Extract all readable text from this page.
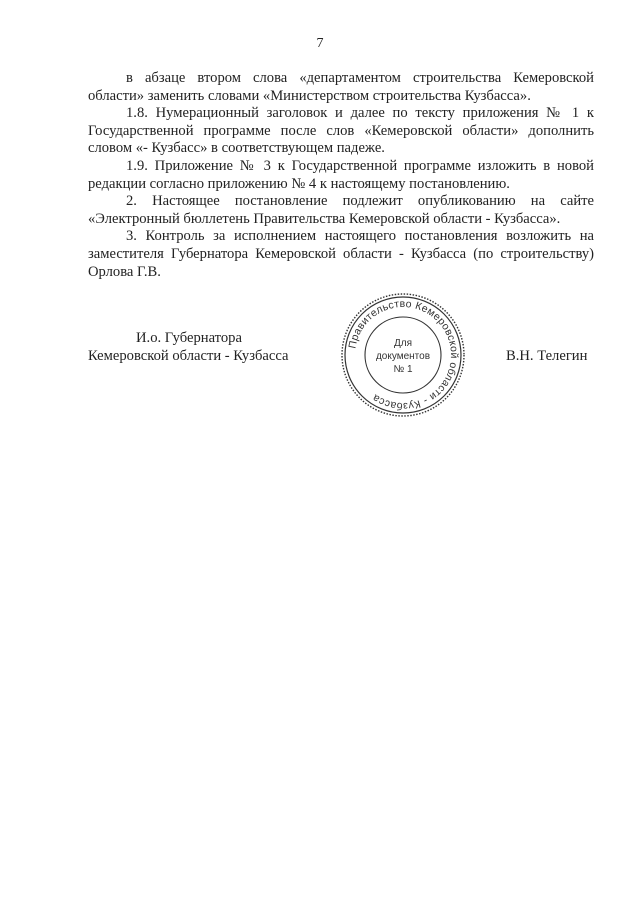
7

в абзаце втором слова «департаментом строительства Кемеровской области» заменить словами «Министерством строительства Кузбасса».

1.8. Нумерационный заголовок и далее по тексту приложения № 1 к Государственной программе после слов «Кемеровской области» дополнить словом «- Кузбасс» в соответствующем падеже.

1.9. Приложение № 3 к Государственной программе изложить в новой редакции согласно приложению № 4 к настоящему постановлению.

2. Настоящее постановление подлежит опубликованию на сайте «Электронный бюллетень Правительства Кемеровской области - Кузбасса».

3. Контроль за исполнением настоящего постановления возложить на заместителя Губернатора Кемеровской области - Кузбасса (по строительству) Орлова Г.В.

И.о. Губернатора
Кемеровской области - Кузбасса
Правительство Кемеровской области - Кузбасса
Для
документов
№ 1
В.Н. Телегин
